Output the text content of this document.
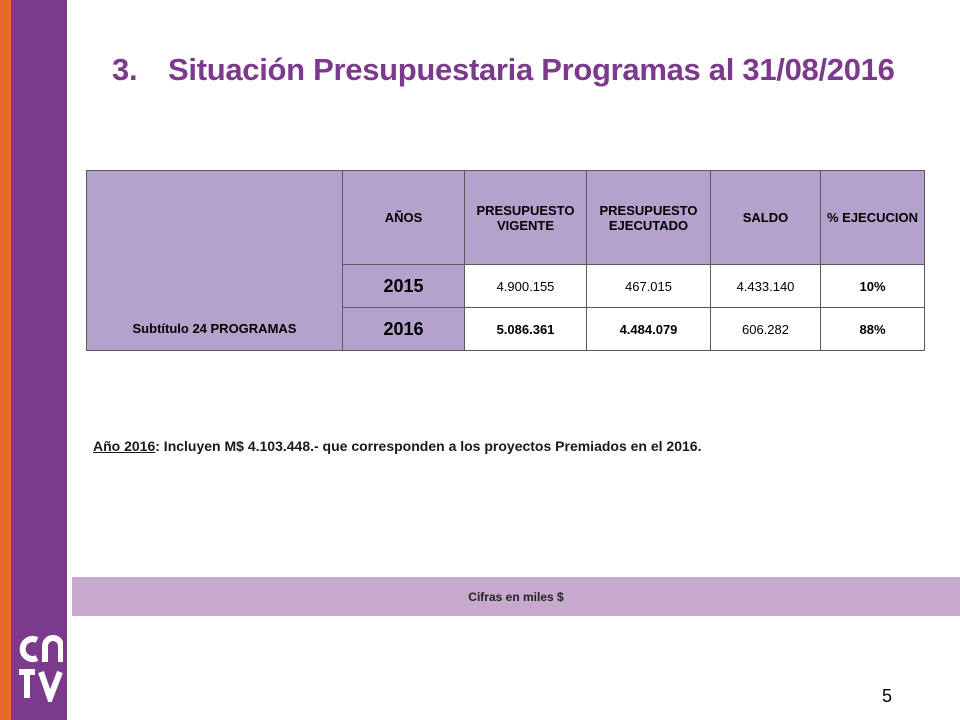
3. Situación Presupuestaria Programas al 31/08/2016
Subtítulo 24 PROGRAMAS	AÑOS	PRESUPUESTO VIGENTE	PRESUPUESTO EJECUTADO	SALDO	% EJECUCION
	2015	4.900.155	467.015	4.433.140	10%
	2016	5.086.361	4.484.079	606.282	88%
Año 2016: Incluyen M$ 4.103.448.- que corresponden a los proyectos Premiados en el 2016.
Cifras en miles $
5
